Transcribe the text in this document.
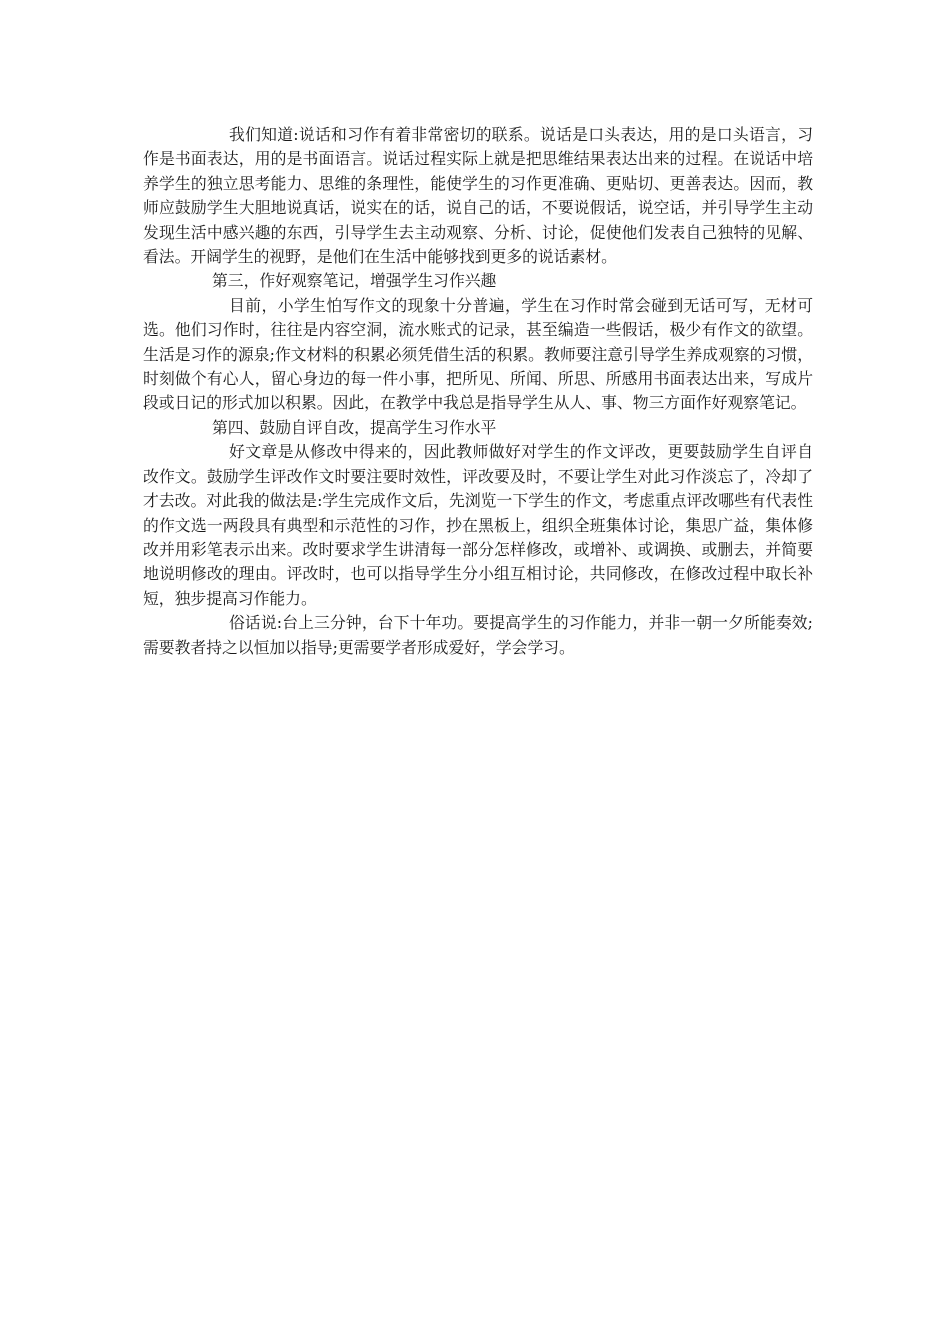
我们知道:说话和习作有着非常密切的联系。说话是口头表达，用的是口头语言，习作是书面表达，用的是书面语言。说话过程实际上就是把思维结果表达出来的过程。在说话中培养学生的独立思考能力、思维的条理性，能使学生的习作更准确、更贴切、更善表达。因而，教师应鼓励学生大胆地说真话，说实在的话，说自己的话，不要说假话，说空话，并引导学生主动发现生活中感兴趣的东西，引导学生去主动观察、分析、讨论，促使他们发表自己独特的见解、看法。开阔学生的视野，是他们在生活中能够找到更多的说话素材。

第三，作好观察笔记，增强学生习作兴趣

目前，小学生怕写作文的现象十分普遍，学生在习作时常会碰到无话可写，无材可选。他们习作时，往往是内容空洞，流水账式的记录，甚至编造一些假话，极少有作文的欲望。生活是习作的源泉;作文材料的积累必须凭借生活的积累。教师要注意引导学生养成观察的习惯，时刻做个有心人，留心身边的每一件小事，把所见、所闻、所思、所感用书面表达出来，写成片段或日记的形式加以积累。因此，在教学中我总是指导学生从人、事、物三方面作好观察笔记。

第四、鼓励自评自改，提高学生习作水平

好文章是从修改中得来的，因此教师做好对学生的作文评改，更要鼓励学生自评自改作文。鼓励学生评改作文时要注要时效性，评改要及时，不要让学生对此习作淡忘了，冷却了才去改。对此我的做法是:学生完成作文后，先浏览一下学生的作文，考虑重点评改哪些有代表性的作文选一两段具有典型和示范性的习作，抄在黑板上，组织全班集体讨论，集思广益，集体修改并用彩笔表示出来。改时要求学生讲清每一部分怎样修改，或增补、或调换、或删去，并简要地说明修改的理由。评改时，也可以指导学生分小组互相讨论，共同修改，在修改过程中取长补短，独步提高习作能力。

俗话说:台上三分钟，台下十年功。要提高学生的习作能力，并非一朝一夕所能奏效;需要教者持之以恒加以指导;更需要学者形成爱好，学会学习。
